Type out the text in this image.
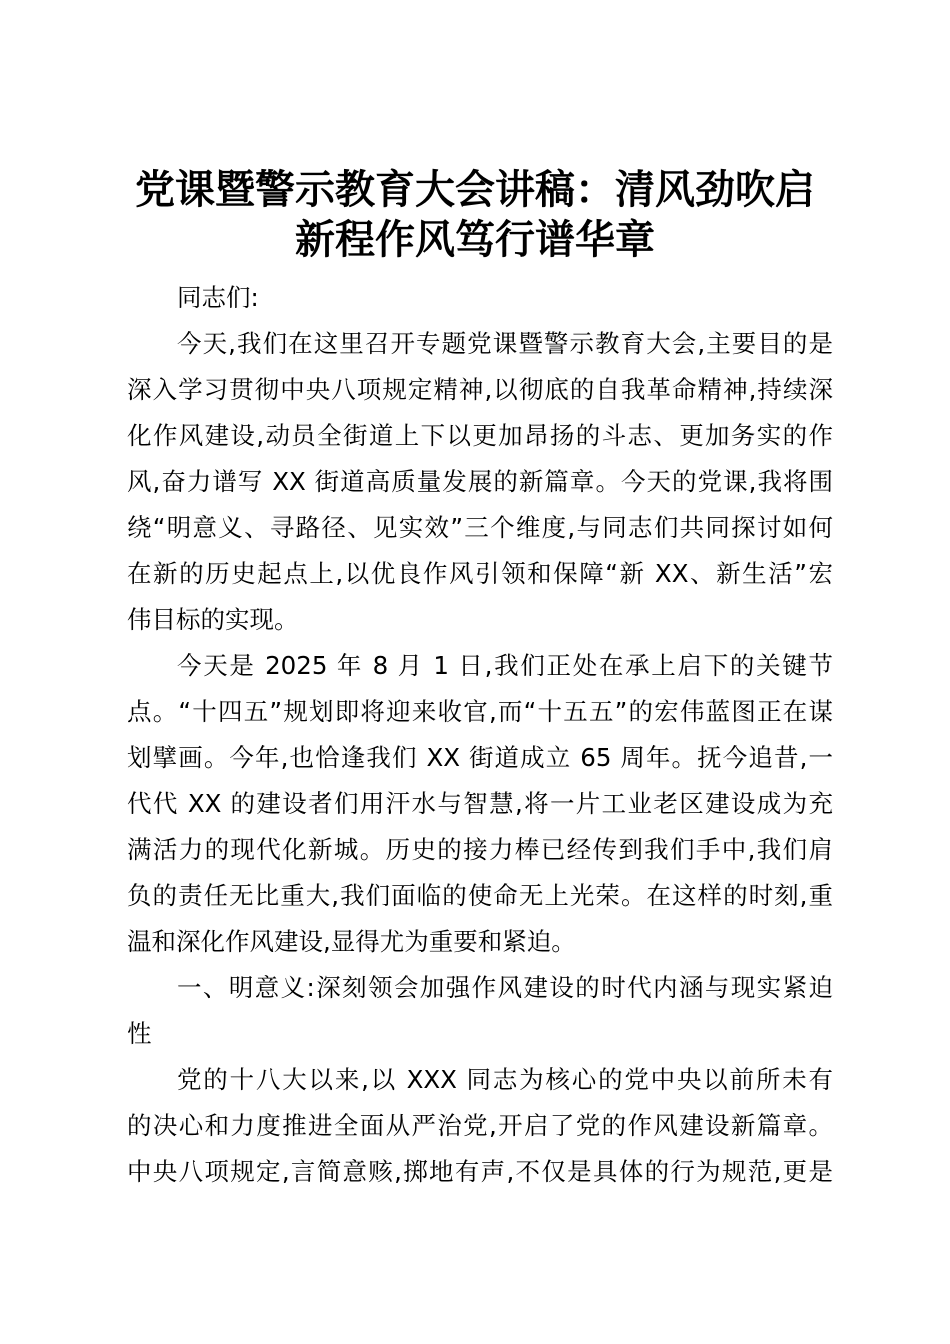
党课暨警示教育大会讲稿：清风劲吹启
新程作风笃行谱华章
同志们:
今天,我们在这里召开专题党课暨警示教育大会,主要目的是
深入学习贯彻中央八项规定精神,以彻底的自我革命精神,持续深
化作风建设,动员全街道上下以更加昂扬的斗志、更加务实的作
风,奋力谱写 XX 街道高质量发展的新篇章。今天的党课,我将围
绕“明意义、寻路径、见实效”三个维度,与同志们共同探讨如何
在新的历史起点上,以优良作风引领和保障“新 XX、新生活”宏
伟目标的实现。
今天是 2025 年 8 月 1 日,我们正处在承上启下的关键节
点。“十四五”规划即将迎来收官,而“十五五”的宏伟蓝图正在谋
划擘画。今年,也恰逢我们 XX 街道成立 65 周年。抚今追昔,一
代代 XX 的建设者们用汗水与智慧,将一片工业老区建设成为充
满活力的现代化新城。历史的接力棒已经传到我们手中,我们肩
负的责任无比重大,我们面临的使命无上光荣。在这样的时刻,重
温和深化作风建设,显得尤为重要和紧迫。
一、明意义:深刻领会加强作风建设的时代内涵与现实紧迫
性
党的十八大以来,以 XXX 同志为核心的党中央以前所未有
的决心和力度推进全面从严治党,开启了党的作风建设新篇章。
中央八项规定,言简意赅,掷地有声,不仅是具体的行为规范,更是
